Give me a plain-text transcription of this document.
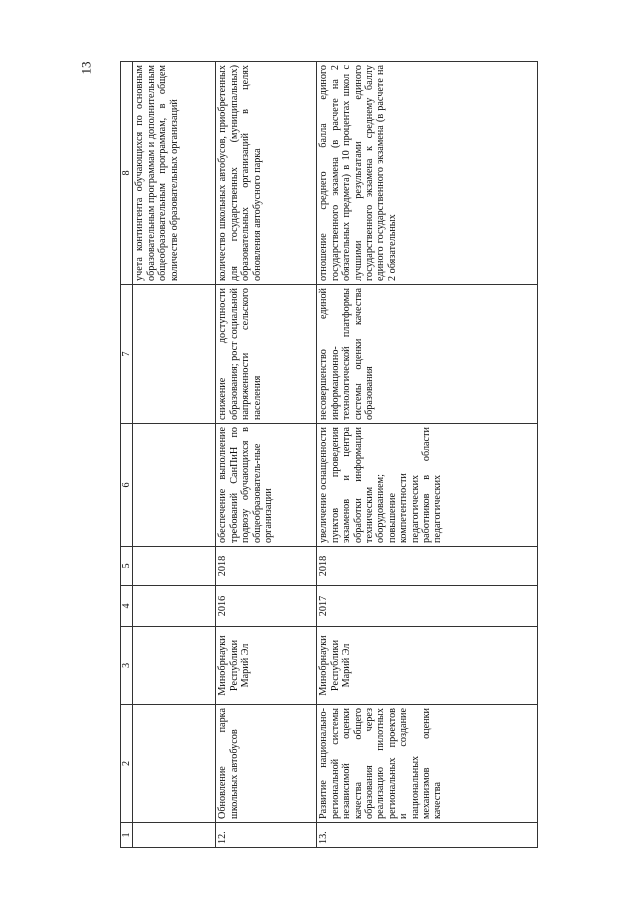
13
1	2	3	4	5	6	7	8
							учета контингента обучающихся по основным образовательным программам и дополнительным общеобразовательным программам, в общем количестве образовательных организаций
12.	Обновление парка школьных автобусов	Минобрнауки Республики Марий Эл	2016	2018	обеспечение выполнение требований СанПиН по подвозу обучающихся в общеобразователь-ные организации	снижение доступности образования; рост социальной напряженности сельского населения	количество школьных автобусов, приобретенных для государственных (муниципальных) образовательных организаций в целях обновления автобусного парка
13.	Развитие национально-региональной системы независимой оценки качества общего образования через реализацию пилотных региональных проектов и создание национальных механизмов оценки качества	Минобрнауки Республики Марий Эл	2017	2018	увеличение оснащенности пунктов проведения экзаменов и центра обработки информации техническим оборудованием; повышение компетентности педагогических работников в области педагогических	несовершенство единой информационно-технологической платформы системы оценки качества образования	отношение среднего балла единого государственного экзамена (в расчете на 2 обязательных предмета) в 10 процентах школ с лучшими результатами единого государственного экзамена к среднему баллу единого государственного экзамена (в расчете на 2 обязательных
